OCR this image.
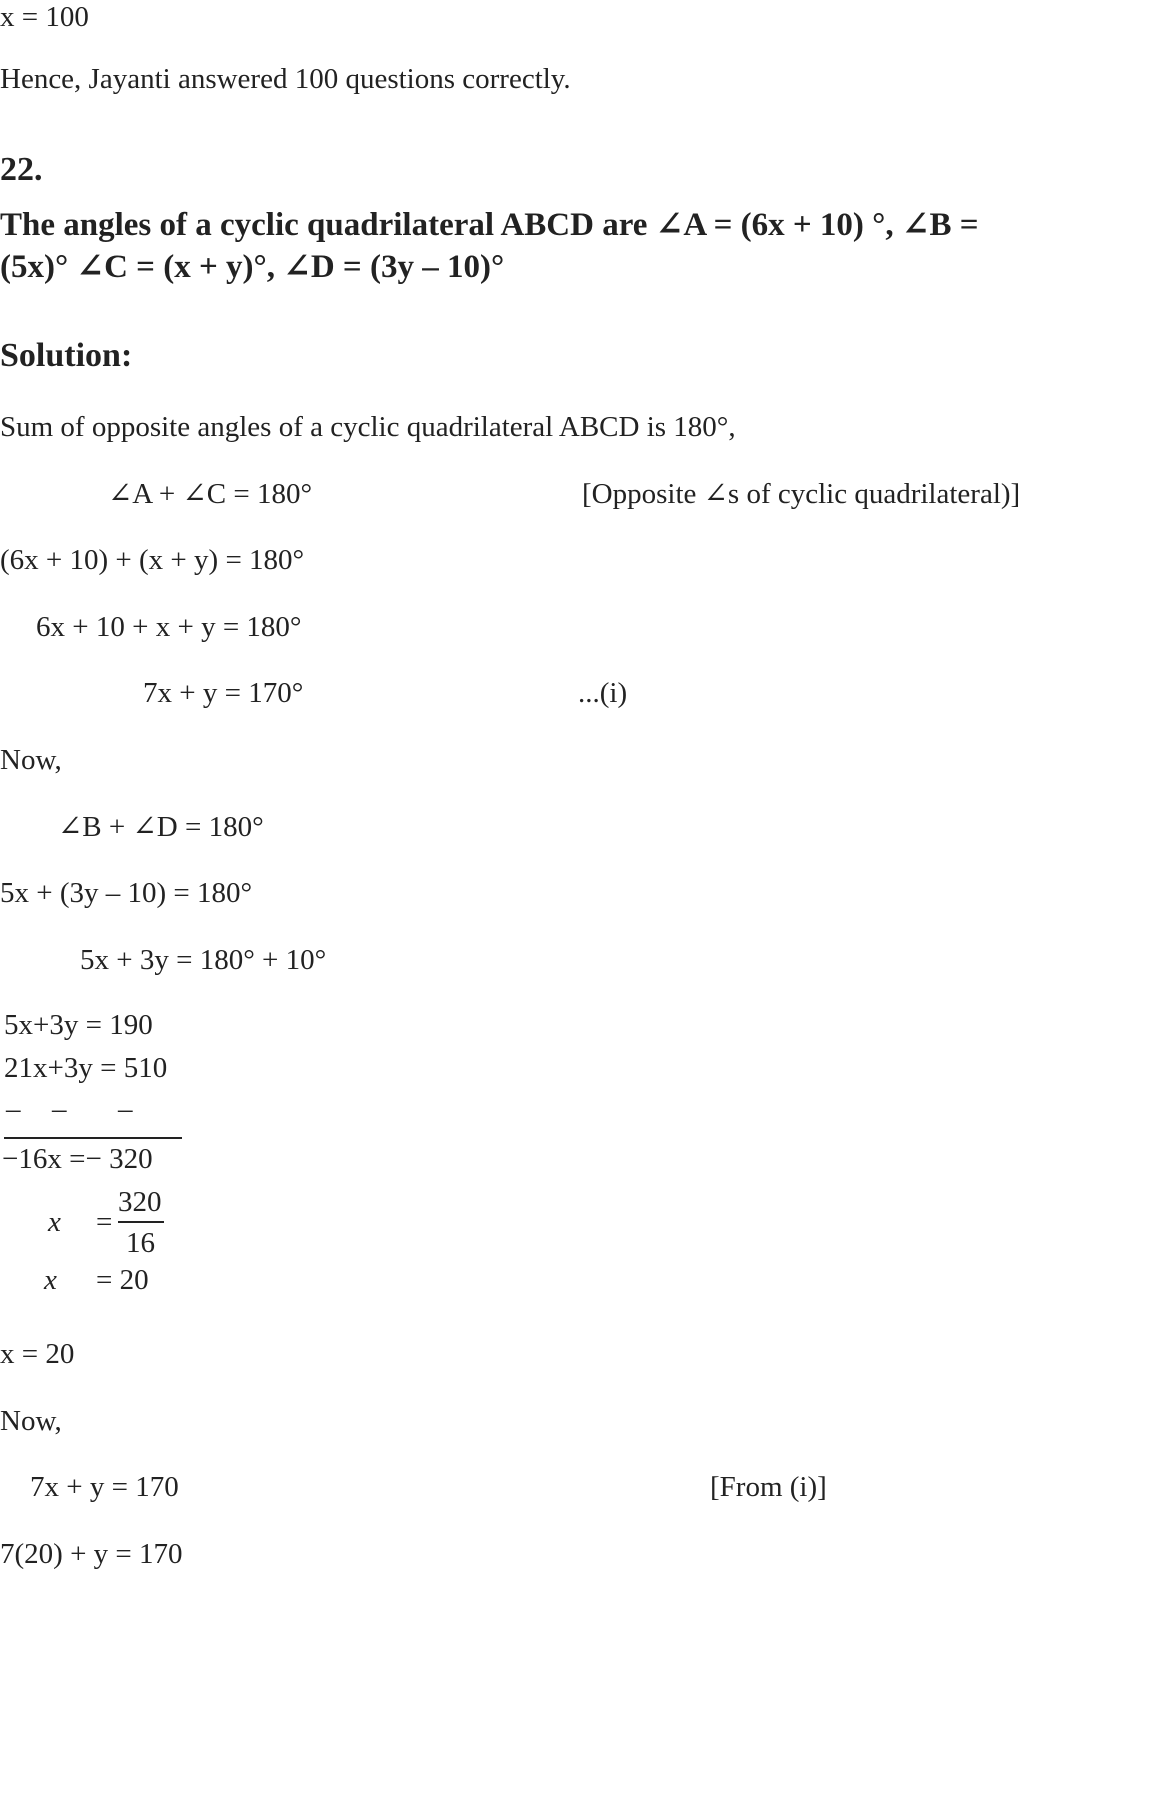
x = 100
Hence, Jayanti answered 100 questions correctly.
22.
The angles of a cyclic quadrilateral ABCD are ∠A = (6x + 10) °, ∠B =
(5x)° ∠C = (x + y)°, ∠D = (3y – 10)°
Solution:
Sum of opposite angles of a cyclic quadrilateral ABCD is 180°,
∠A + ∠C = 180°	[Opposite ∠s of cyclic quadrilateral)]
(6x + 10) + (x + y) = 180°
6x + 10 + x + y = 180°
7x + y = 170°	...(i)
Now,
∠B + ∠D = 180°
5x + (3y – 10) = 180°
5x + 3y = 180° + 10°
5x+3y = 190
21x+3y = 510
– – –
−16x =− 320
x =
320
16
x = 20
x = 20
Now,
7x + y = 170	[From (i)]
7(20) + y = 170
